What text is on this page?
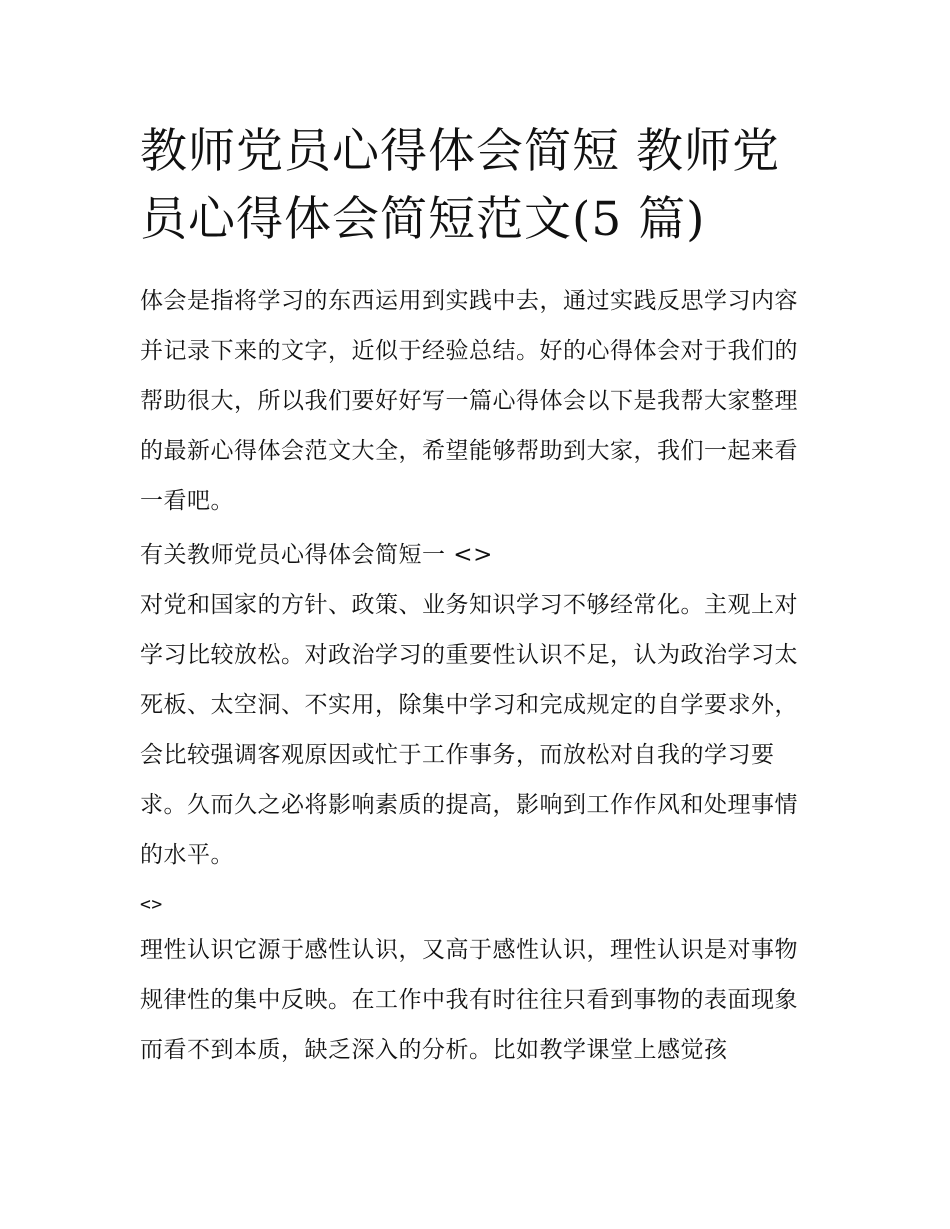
教师党员心得体会简短 教师党员心得体会简短范文(5 篇)

体会是指将学习的东西运用到实践中去，通过实践反思学习内容并记录下来的文字，近似于经验总结。好的心得体会对于我们的帮助很大，所以我们要好好写一篇心得体会以下是我帮大家整理的最新心得体会范文大全，希望能够帮助到大家，我们一起来看一看吧。

有关教师党员心得体会简短一 <>

对党和国家的方针、政策、业务知识学习不够经常化。主观上对学习比较放松。对政治学习的重要性认识不足，认为政治学习太死板、太空洞、不实用，除集中学习和完成规定的自学要求外，会比较强调客观原因或忙于工作事务，而放松对自我的学习要求。久而久之必将影响素质的提高，影响到工作作风和处理事情的水平。

<>

理性认识它源于感性认识，又高于感性认识，理性认识是对事物规律性的集中反映。在工作中我有时往往只看到事物的表面现象而看不到本质，缺乏深入的分析。比如教学课堂上感觉孩
